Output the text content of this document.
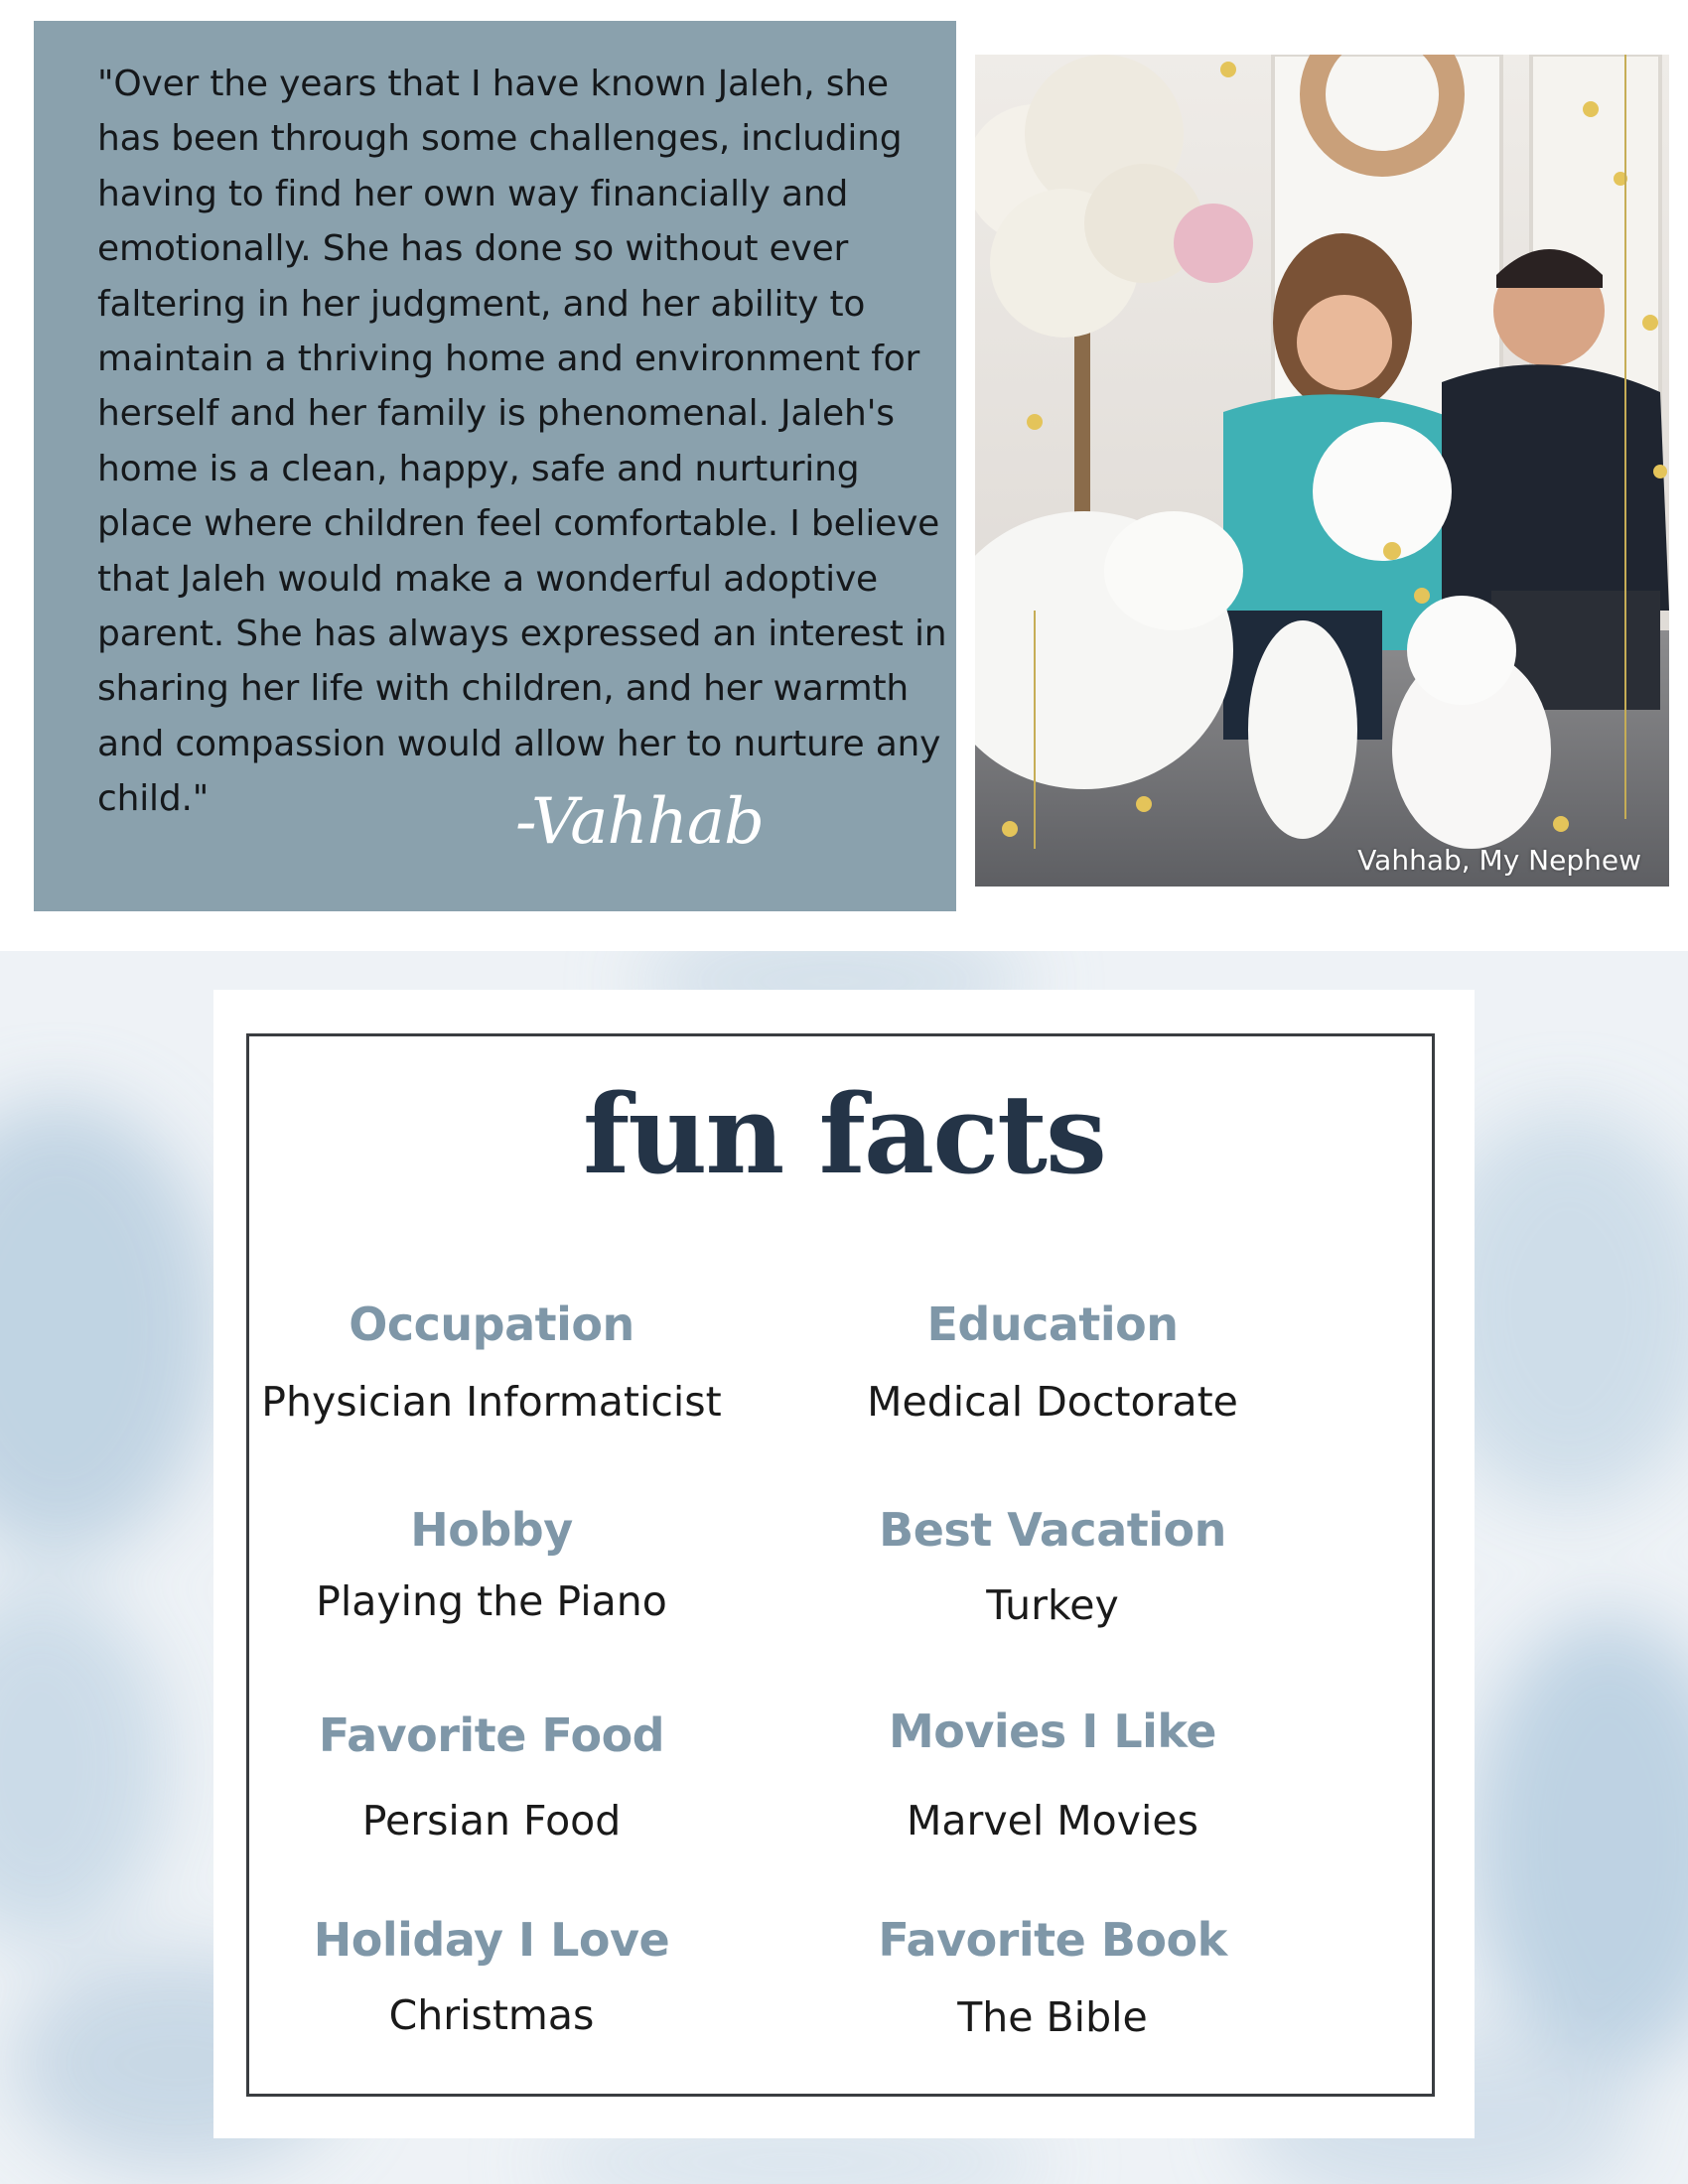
"Over the years that I have known Jaleh, she has been through some challenges, including having to find her own way financially and emotionally. She has done so without ever faltering in her judgment, and her ability to maintain a thriving home and environment for herself and her family is phenomenal. Jaleh's home is a clean, happy, safe and nurturing place where children feel comfortable. I believe that Jaleh would make a wonderful adoptive parent. She has always expressed an interest in sharing her life with children, and her warmth and compassion would allow her to nurture any child."	-Vahhab
Vahhab, My Nephew
fun facts
Occupation
Physician Informaticist
Education
Medical Doctorate
Hobby
Playing the Piano
Best Vacation
Turkey
Favorite Food
Persian Food
Movies I Like
Marvel Movies
Holiday I Love
Christmas
Favorite Book
The Bible
